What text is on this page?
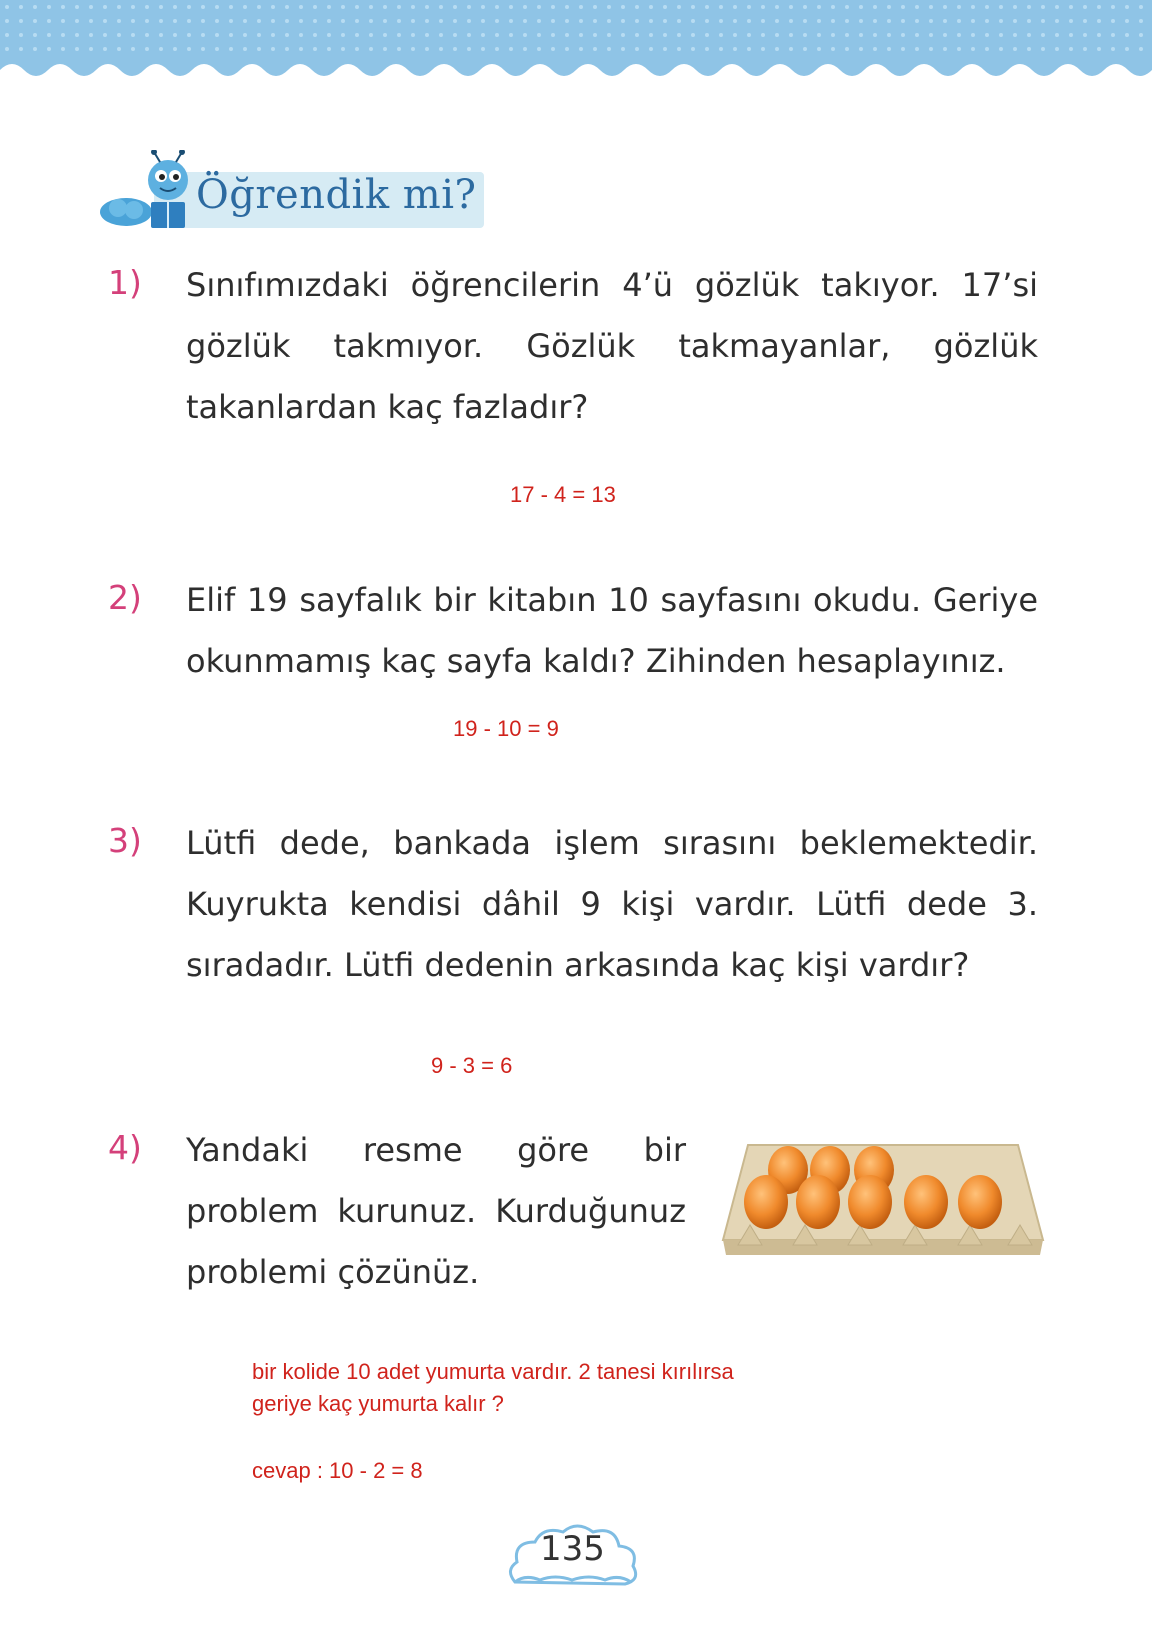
Öğrendik mi?
1) Sınıfımızdaki öğrencilerin 4’ü gözlük takıyor. 17’si gözlük takmıyor. Gözlük takmayanlar, gözlük takanlardan kaç fazladır?
17 - 4 = 13
2) Elif 19 sayfalık bir kitabın 10 sayfasını okudu. Geriye okunmamış kaç sayfa kaldı? Zihinden hesaplayınız.
19 - 10 = 9
3) Lütfi dede, bankada işlem sırasını beklemektedir. Kuyrukta kendisi dâhil 9 kişi vardır. Lütfi dede 3. sıradadır. Lütfi dedenin arkasında kaç kişi vardır?
9 - 3 = 6
4) Yandaki resme göre bir problem kurunuz. Kurduğunuz problemi çözünüz.
bir kolide 10 adet yumurta vardır. 2 tanesi kırılırsa
geriye kaç yumurta kalır ?
cevap : 10 - 2 = 8
135
